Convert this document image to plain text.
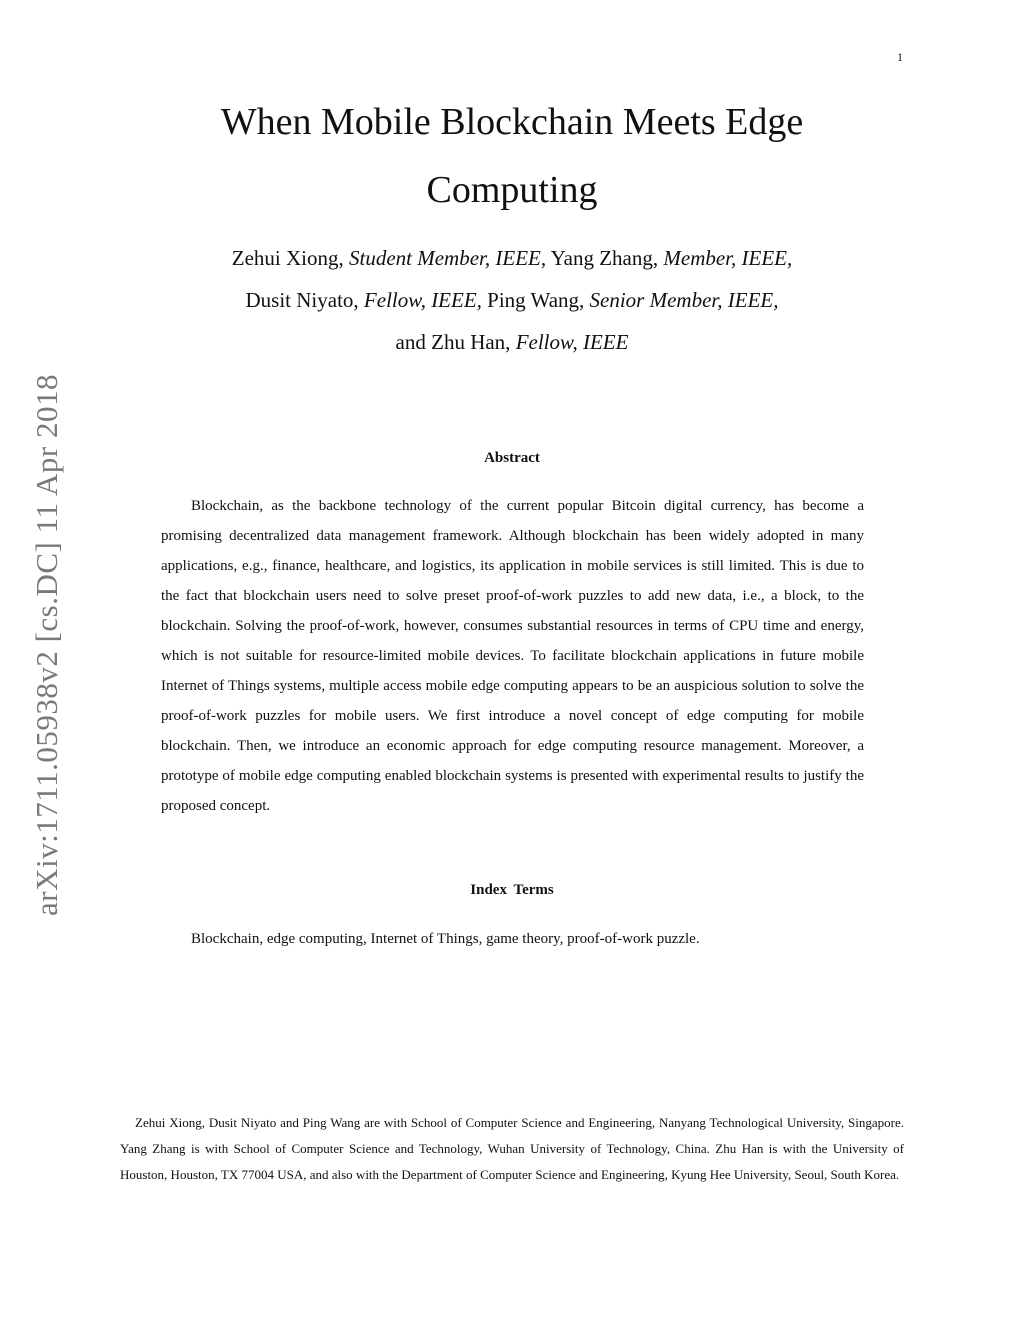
1
arXiv:1711.05938v2 [cs.DC] 11 Apr 2018
When Mobile Blockchain Meets Edge Computing
Zehui Xiong, Student Member, IEEE, Yang Zhang, Member, IEEE,
Dusit Niyato, Fellow, IEEE, Ping Wang, Senior Member, IEEE,
and Zhu Han, Fellow, IEEE
Abstract

Blockchain, as the backbone technology of the current popular Bitcoin digital currency, has become a promising decentralized data management framework. Although blockchain has been widely adopted in many applications, e.g., finance, healthcare, and logistics, its application in mobile services is still limited. This is due to the fact that blockchain users need to solve preset proof-of-work puzzles to add new data, i.e., a block, to the blockchain. Solving the proof-of-work, however, consumes substantial resources in terms of CPU time and energy, which is not suitable for resource-limited mobile devices. To facilitate blockchain applications in future mobile Internet of Things systems, multiple access mobile edge computing appears to be an auspicious solution to solve the proof-of-work puzzles for mobile users. We first introduce a novel concept of edge computing for mobile blockchain. Then, we introduce an economic approach for edge computing resource management. Moreover, a prototype of mobile edge computing enabled blockchain systems is presented with experimental results to justify the proposed concept.

Index Terms

Blockchain, edge computing, Internet of Things, game theory, proof-of-work puzzle.

Zehui Xiong, Dusit Niyato and Ping Wang are with School of Computer Science and Engineering, Nanyang Technological University, Singapore. Yang Zhang is with School of Computer Science and Technology, Wuhan University of Technology, China. Zhu Han is with the University of Houston, Houston, TX 77004 USA, and also with the Department of Computer Science and Engineering, Kyung Hee University, Seoul, South Korea.
